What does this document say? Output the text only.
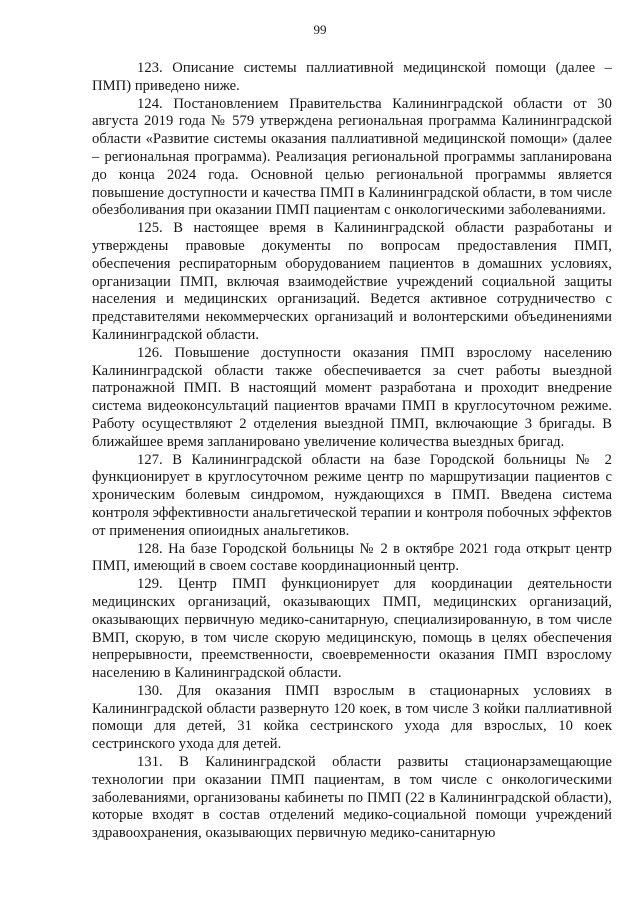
99

123. Описание системы паллиативной медицинской помощи (далее – ПМП) приведено ниже.

124. Постановлением Правительства Калининградской области от 30 августа 2019 года № 579 утверждена региональная программа Калининградской области «Развитие системы оказания паллиативной медицинской помощи» (далее – региональная программа). Реализация региональной программы запланирована до конца 2024 года. Основной целью региональной программы является повышение доступности и качества ПМП в Калининградской области, в том числе обезболивания при оказании ПМП пациентам с онкологическими заболеваниями.

125. В настоящее время в Калининградской области разработаны и утверждены правовые документы по вопросам предоставления ПМП, обеспечения респираторным оборудованием пациентов в домашних условиях, организации ПМП, включая взаимодействие учреждений социальной защиты населения и медицинских организаций. Ведется активное сотрудничество с представителями некоммерческих организаций и волонтерскими объединениями Калининградской области.

126. Повышение доступности оказания ПМП взрослому населению Калининградской области также обеспечивается за счет работы выездной патронажной ПМП. В настоящий момент разработана и проходит внедрение система видеоконсультаций пациентов врачами ПМП в круглосуточном режиме. Работу осуществляют 2 отделения выездной ПМП, включающие 3 бригады. В ближайшее время запланировано увеличение количества выездных бригад.

127. В Калининградской области на базе Городской больницы № 2 функционирует в круглосуточном режиме центр по маршрутизации пациентов с хроническим болевым синдромом, нуждающихся в ПМП. Введена система контроля эффективности анальгетической терапии и контроля побочных эффектов от применения опиоидных анальгетиков.

128. На базе Городской больницы № 2 в октябре 2021 года открыт центр ПМП, имеющий в своем составе координационный центр.

129. Центр ПМП функционирует для координации деятельности медицинских организаций, оказывающих ПМП, медицинских организаций, оказывающих первичную медико-санитарную, специализированную, в том числе ВМП, скорую, в том числе скорую медицинскую, помощь в целях обеспечения непрерывности, преемственности, своевременности оказания ПМП взрослому населению в Калининградской области.

130. Для оказания ПМП взрослым в стационарных условиях в Калининградской области развернуто 120 коек, в том числе 3 койки паллиативной помощи для детей, 31 койка сестринского ухода для взрослых, 10 коек сестринского ухода для детей.

131. В Калининградской области развиты стационарзамещающие технологии при оказании ПМП пациентам, в том числе с онкологическими заболеваниями, организованы кабинеты по ПМП (22 в Калининградской области), которые входят в состав отделений медико-социальной помощи учреждений здравоохранения, оказывающих первичную медико-санитарную
